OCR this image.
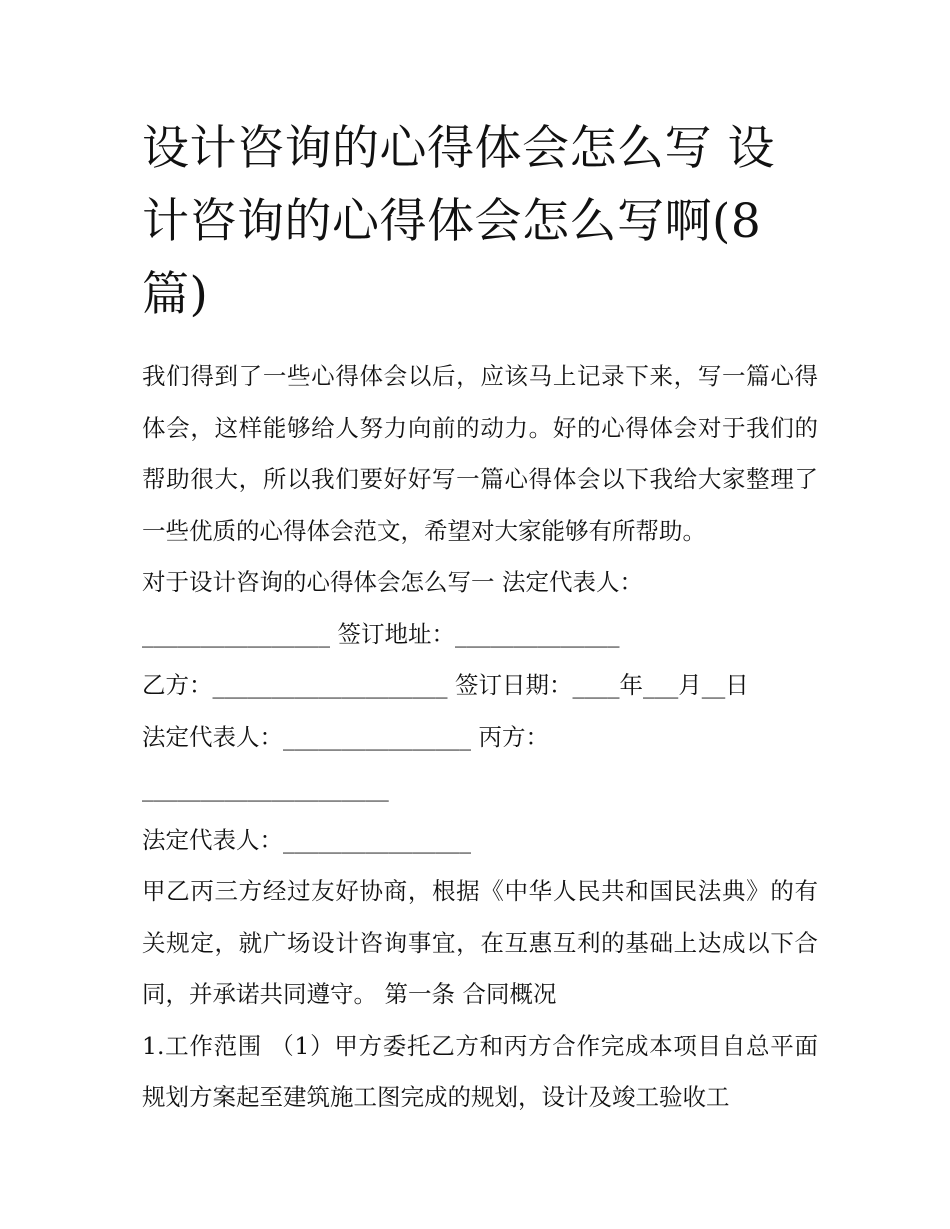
设计咨询的心得体会怎么写 设计咨询的心得体会怎么写啊(8篇)

我们得到了一些心得体会以后，应该马上记录下来，写一篇心得体会，这样能够给人努力向前的动力。好的心得体会对于我们的帮助很大，所以我们要好好写一篇心得体会以下我给大家整理了一些优质的心得体会范文，希望对大家能够有所帮助。

对于设计咨询的心得体会怎么写一 法定代表人：

________________ 签订地址：______________

乙方：____________________ 签订日期：____年___月__日

法定代表人：________________ 丙方：

_____________________

法定代表人：________________

甲乙丙三方经过友好协商，根据《中华人民共和国民法典》的有关规定，就广场设计咨询事宜，在互惠互利的基础上达成以下合同，并承诺共同遵守。 第一条 合同概况

1.工作范围 （1）甲方委托乙方和丙方合作完成本项目自总平面规划方案起至建筑施工图完成的规划，设计及竣工验收工
